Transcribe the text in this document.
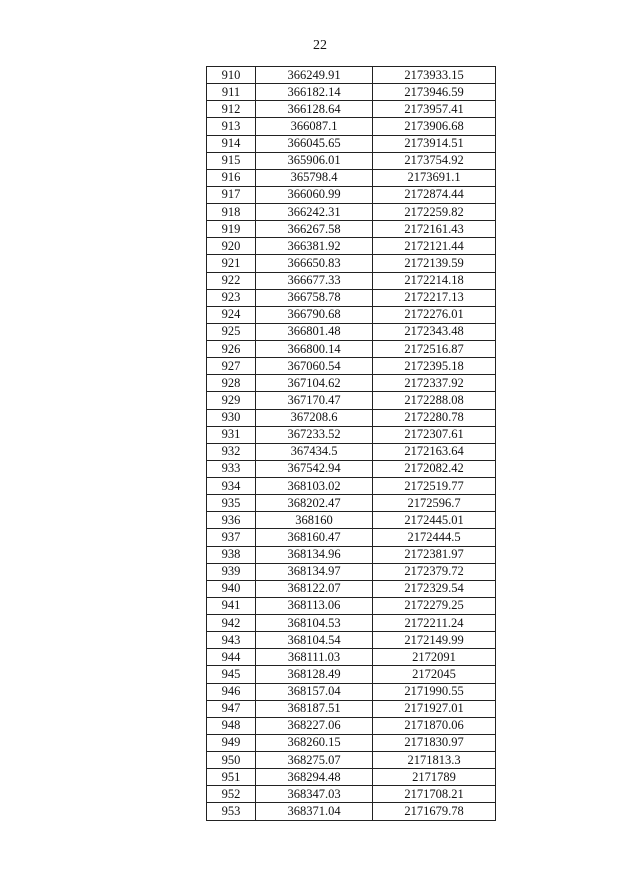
22
910	366249.91	2173933.15
911	366182.14	2173946.59
912	366128.64	2173957.41
913	366087.1	2173906.68
914	366045.65	2173914.51
915	365906.01	2173754.92
916	365798.4	2173691.1
917	366060.99	2172874.44
918	366242.31	2172259.82
919	366267.58	2172161.43
920	366381.92	2172121.44
921	366650.83	2172139.59
922	366677.33	2172214.18
923	366758.78	2172217.13
924	366790.68	2172276.01
925	366801.48	2172343.48
926	366800.14	2172516.87
927	367060.54	2172395.18
928	367104.62	2172337.92
929	367170.47	2172288.08
930	367208.6	2172280.78
931	367233.52	2172307.61
932	367434.5	2172163.64
933	367542.94	2172082.42
934	368103.02	2172519.77
935	368202.47	2172596.7
936	368160	2172445.01
937	368160.47	2172444.5
938	368134.96	2172381.97
939	368134.97	2172379.72
940	368122.07	2172329.54
941	368113.06	2172279.25
942	368104.53	2172211.24
943	368104.54	2172149.99
944	368111.03	2172091
945	368128.49	2172045
946	368157.04	2171990.55
947	368187.51	2171927.01
948	368227.06	2171870.06
949	368260.15	2171830.97
950	368275.07	2171813.3
951	368294.48	2171789
952	368347.03	2171708.21
953	368371.04	2171679.78
